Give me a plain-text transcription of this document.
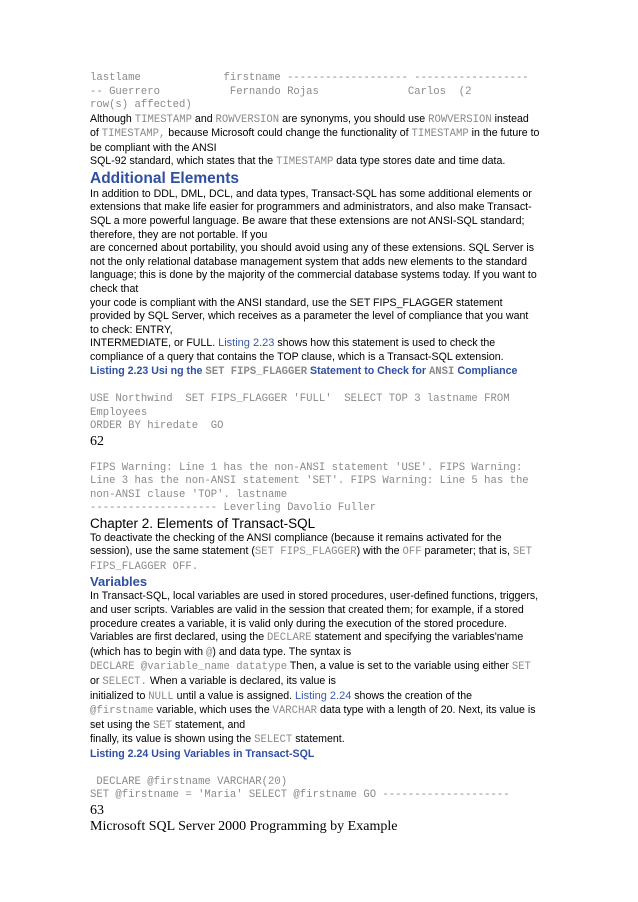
lastlame             firstname ------------------- ------------------
-- Guerrero           Fernando Rojas              Carlos  (2
row(s) affected)

Although TIMESTAMP and ROWVERSION are synonyms, you should use ROWVERSION instead
of TIMESTAMP, because Microsoft could change the functionality of TIMESTAMP in the future to
be compliant with the ANSI
SQL-92 standard, which states that the TIMESTAMP data type stores date and time data.

Additional Elements

In addition to DDL, DML, DCL, and data types, Transact-SQL has some additional elements or
extensions that make life easier for programmers and administrators, and also make Transact-
SQL a more powerful language. Be aware that these extensions are not ANSI-SQL standard;
therefore, they are not portable. If you
are concerned about portability, you should avoid using any of these extensions. SQL Server is
not the only relational database management system that adds new elements to the standard
language; this is done by the majority of the commercial database systems today. If you want to
check that
your code is compliant with the ANSI standard, use the SET FIPS_FLAGGER statement
provided by SQL Server, which receives as a parameter the level of compliance that you want
to check: ENTRY,
INTERMEDIATE, or FULL. Listing 2.23 shows how this statement is used to check the
compliance of a query that contains the TOP clause, which is a Transact-SQL extension.

Listing 2.23 Usi ng the SET FIPS_FLAGGER Statement to Check for ANSI Compliance

USE Northwind  SET FIPS_FLAGGER 'FULL'  SELECT TOP 3 lastname FROM
Employees
ORDER BY hiredate  GO

62

FIPS Warning: Line 1 has the non-ANSI statement 'USE'. FIPS Warning:
Line 3 has the non-ANSI statement 'SET'. FIPS Warning: Line 5 has the
non-ANSI clause 'TOP'. lastname
-------------------- Leverling Davolio Fuller

Chapter 2. Elements of Transact-SQL

To deactivate the checking of the ANSI compliance (because it remains activated for the
session), use the same statement (SET FIPS_FLAGGER) with the OFF parameter; that is, SET
FIPS_FLAGGER OFF.

Variables

In Transact-SQL, local variables are used in stored procedures, user-defined functions, triggers,
and user scripts. Variables are valid in the session that created them; for example, if a stored
procedure creates a variable, it is valid only during the execution of the stored procedure.
Variables are first declared, using the DECLARE statement and specifying the variables'name
(which has to begin with @) and data type. The syntax is
DECLARE @variable_name datatype Then, a value is set to the variable using either SET
or SELECT. When a variable is declared, its value is
initialized to NULL until a value is assigned. Listing 2.24 shows the creation of the
@firstname variable, which uses the VARCHAR data type with a length of 20. Next, its value is
set using the SET statement, and
finally, its value is shown using the SELECT statement.

Listing 2.24 Using Variables in Transact-SQL

DECLARE @firstname VARCHAR(20)
SET @firstname = 'Maria' SELECT @firstname GO --------------------

63

Microsoft SQL Server 2000 Programming by Example
